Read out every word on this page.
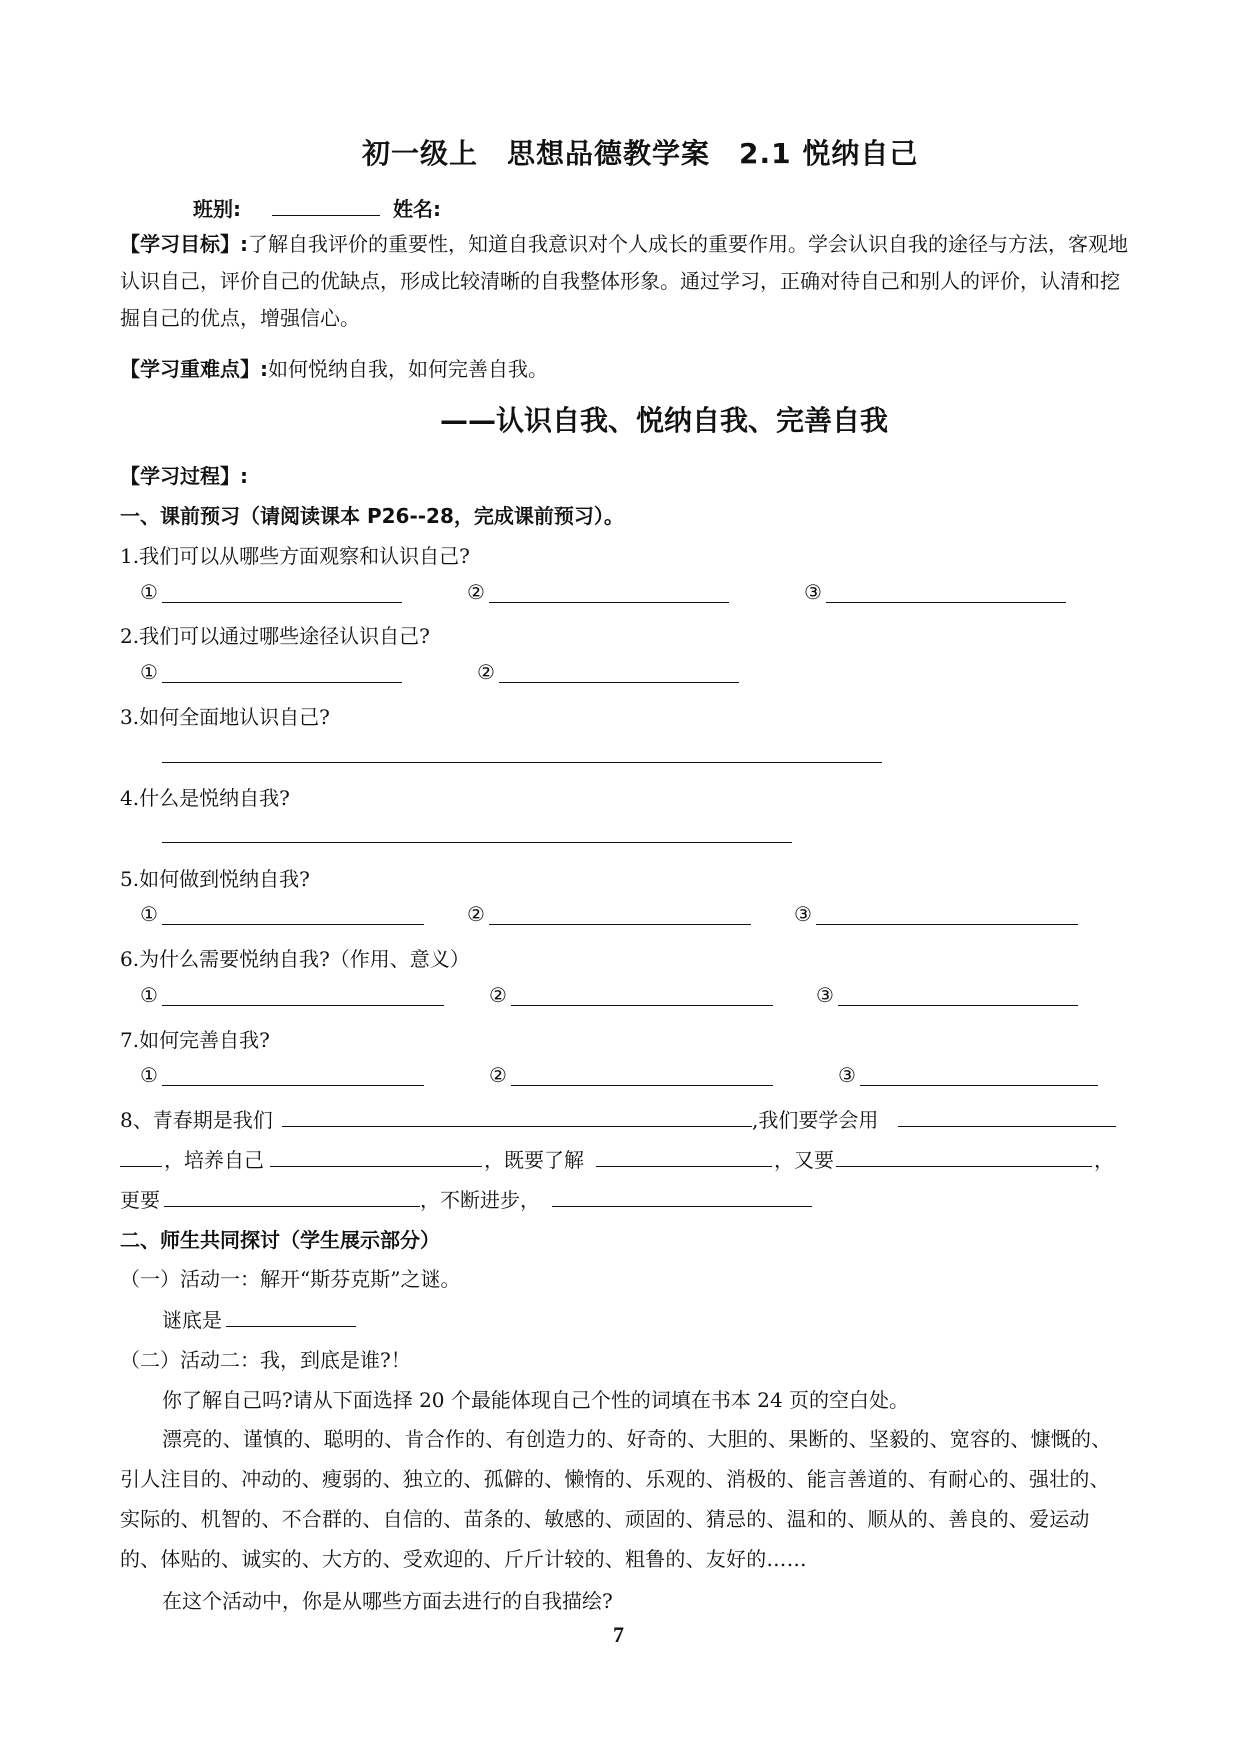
初一级上　思想品德教学案　2.1 悦纳自己
班别:	姓名:
【学习目标】:了解自我评价的重要性，知道自我意识对个人成长的重要作用。学会认识自我的途径与方法，客观地认识自己，评价自己的优缺点，形成比较清晰的自我整体形象。通过学习，正确对待自己和别人的评价，认清和挖掘自己的优点，增强信心。
【学习重难点】:如何悦纳自我，如何完善自我。
——认识自我、悦纳自我、完善自我
【学习过程】:
一、课前预习（请阅读课本 P26--28，完成课前预习）。
1.我们可以从哪些方面观察和认识自己?
①	②	③
2.我们可以通过哪些途径认识自己?
①	②
3.如何全面地认识自己?
4.什么是悦纳自我?
5.如何做到悦纳自我?
①	②	③
6.为什么需要悦纳自我?（作用、意义）
①	②	③
7.如何完善自我?
①	②	③
8、青春期是我们	,我们要学会用
，培养自己	，既要了解	，又要	，
更要	，不断进步，
二、师生共同探讨（学生展示部分）
（一）活动一：解开“斯芬克斯”之谜。
谜底是
（二）活动二：我，到底是谁?！
你了解自己吗?请从下面选择 20 个最能体现自己个性的词填在书本 24 页的空白处。
漂亮的、谨慎的、聪明的、肯合作的、有创造力的、好奇的、大胆的、果断的、坚毅的、宽容的、慷慨的、引人注目的、冲动的、瘦弱的、独立的、孤僻的、懒惰的、乐观的、消极的、能言善道的、有耐心的、强壮的、实际的、机智的、不合群的、自信的、苗条的、敏感的、顽固的、猜忌的、温和的、顺从的、善良的、爱运动的、体贴的、诚实的、大方的、受欢迎的、斤斤计较的、粗鲁的、友好的……
在这个活动中，你是从哪些方面去进行的自我描绘?
7
